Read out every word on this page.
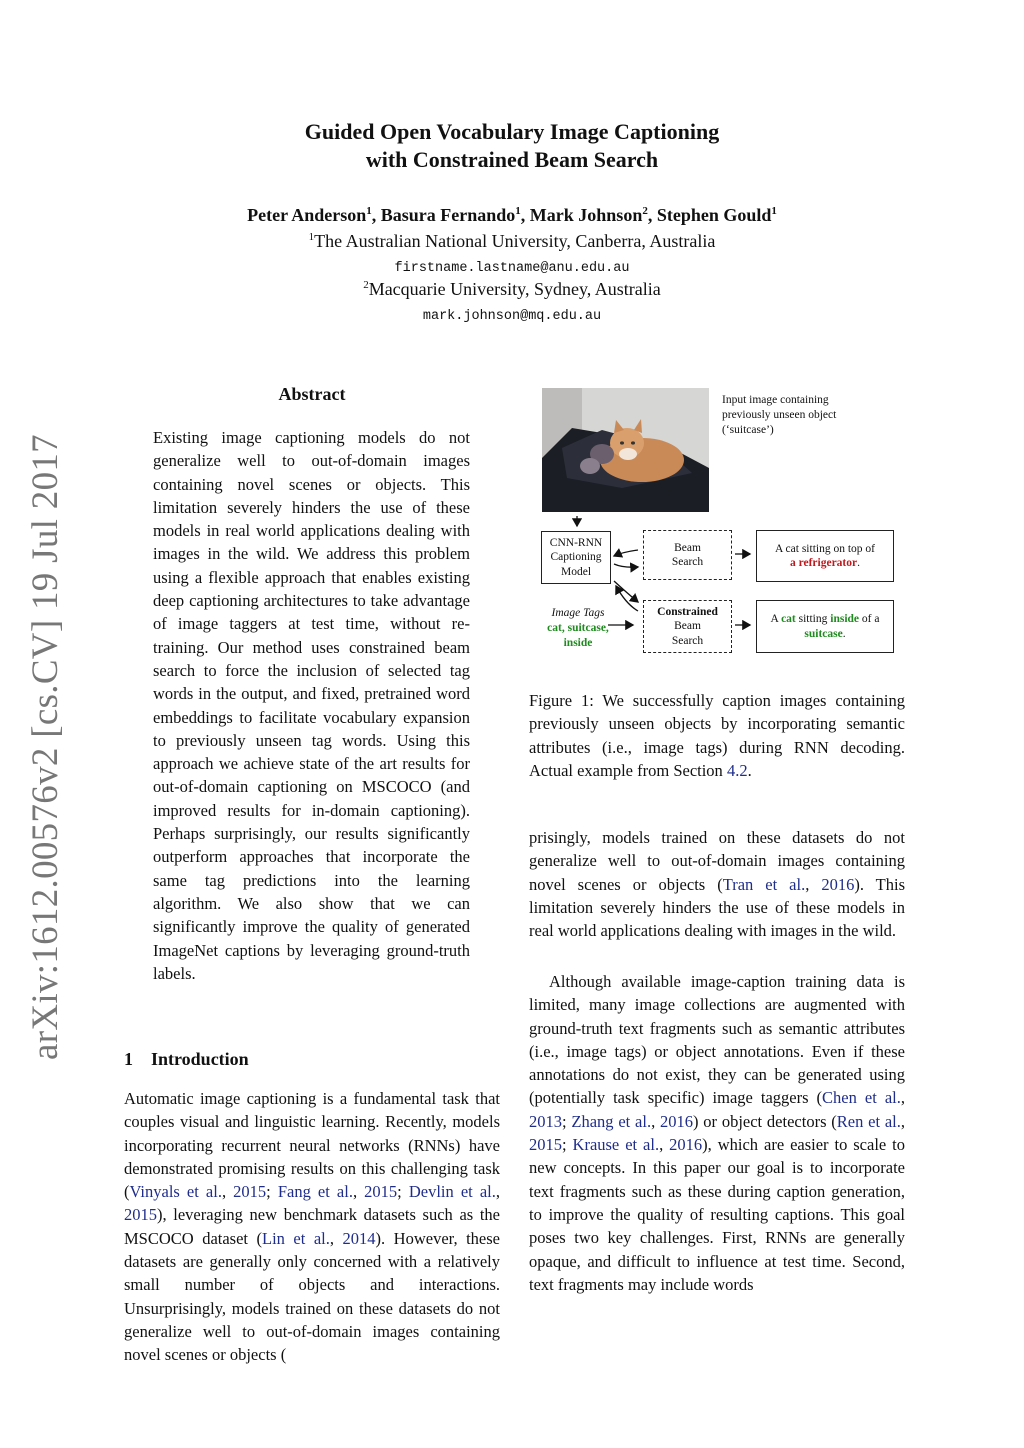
Guided Open Vocabulary Image Captioning
with Constrained Beam Search
Peter Anderson$^1$, Basura Fernando$^1$, Mark Johnson$^2$, Stephen Gould$^1$
$^1$The Australian National University, Canberra, Australia
firstname.lastname@anu.edu.au
$^2$Macquarie University, Sydney, Australia
mark.johnson@mq.edu.au
arXiv:1612.00576v2 [cs.CV] 19 Jul 2017
Abstract

Existing image captioning models do not generalize well to out-of-domain images containing novel scenes or objects. This limitation severely hinders the use of these models in real world applications dealing with images in the wild. We address this problem using a flexible approach that enables existing deep captioning architectures to take advantage of image taggers at test time, without re-training. Our method uses constrained beam search to force the inclusion of selected tag words in the output, and fixed, pretrained word embeddings to facilitate vocabulary expansion to previously unseen tag words. Using this approach we achieve state of the art results for out-of-domain captioning on MSCOCO (and improved results for in-domain captioning). Perhaps surprisingly, our results significantly outperform approaches that incorporate the same tag predictions into the learning algorithm. We also show that we can significantly improve the quality of generated ImageNet captions by leveraging ground-truth labels.

1 Introduction

Automatic image captioning is a fundamental task that couples visual and linguistic learning. Recently, models incorporating recurrent neural networks (RNNs) have demonstrated promising results on this challenging task (Vinyals et al., 2015; Fang et al., 2015; Devlin et al., 2015), leveraging new benchmark datasets such as the MSCOCO dataset (Lin et al., 2014). However, these datasets are generally only concerned with a relatively small number of objects and interactions. Unsurprisingly, models trained on these datasets do not generalize well to out-of-domain images containing novel scenes or objects (

Input image containing previously unseen object (‘suitcase’)
CNN-RNN Captioning Model
Beam Search
Constrained
Beam Search
A cat sitting on top of
a refrigerator.
A cat sitting inside of a suitcase.
Image Tags
cat, suitcase,
inside
Figure 1: We successfully caption images containing previously unseen objects by incorporating semantic attributes (i.e., image tags) during RNN decoding. Actual example from Section 4.2.

prisingly, models trained on these datasets do not generalize well to out-of-domain images containing novel scenes or objects (Tran et al., 2016). This limitation severely hinders the use of these models in real world applications dealing with images in the wild.

Although available image-caption training data is limited, many image collections are augmented with ground-truth text fragments such as semantic attributes (i.e., image tags) or object annotations. Even if these annotations do not exist, they can be generated using (potentially task specific) image taggers (Chen et al., 2013; Zhang et al., 2016) or object detectors (Ren et al., 2015; Krause et al., 2016), which are easier to scale to new concepts. In this paper our goal is to incorporate text fragments such as these during caption generation, to improve the quality of resulting captions. This goal poses two key challenges. First, RNNs are generally opaque, and difficult to influence at test time. Second, text fragments may include words
